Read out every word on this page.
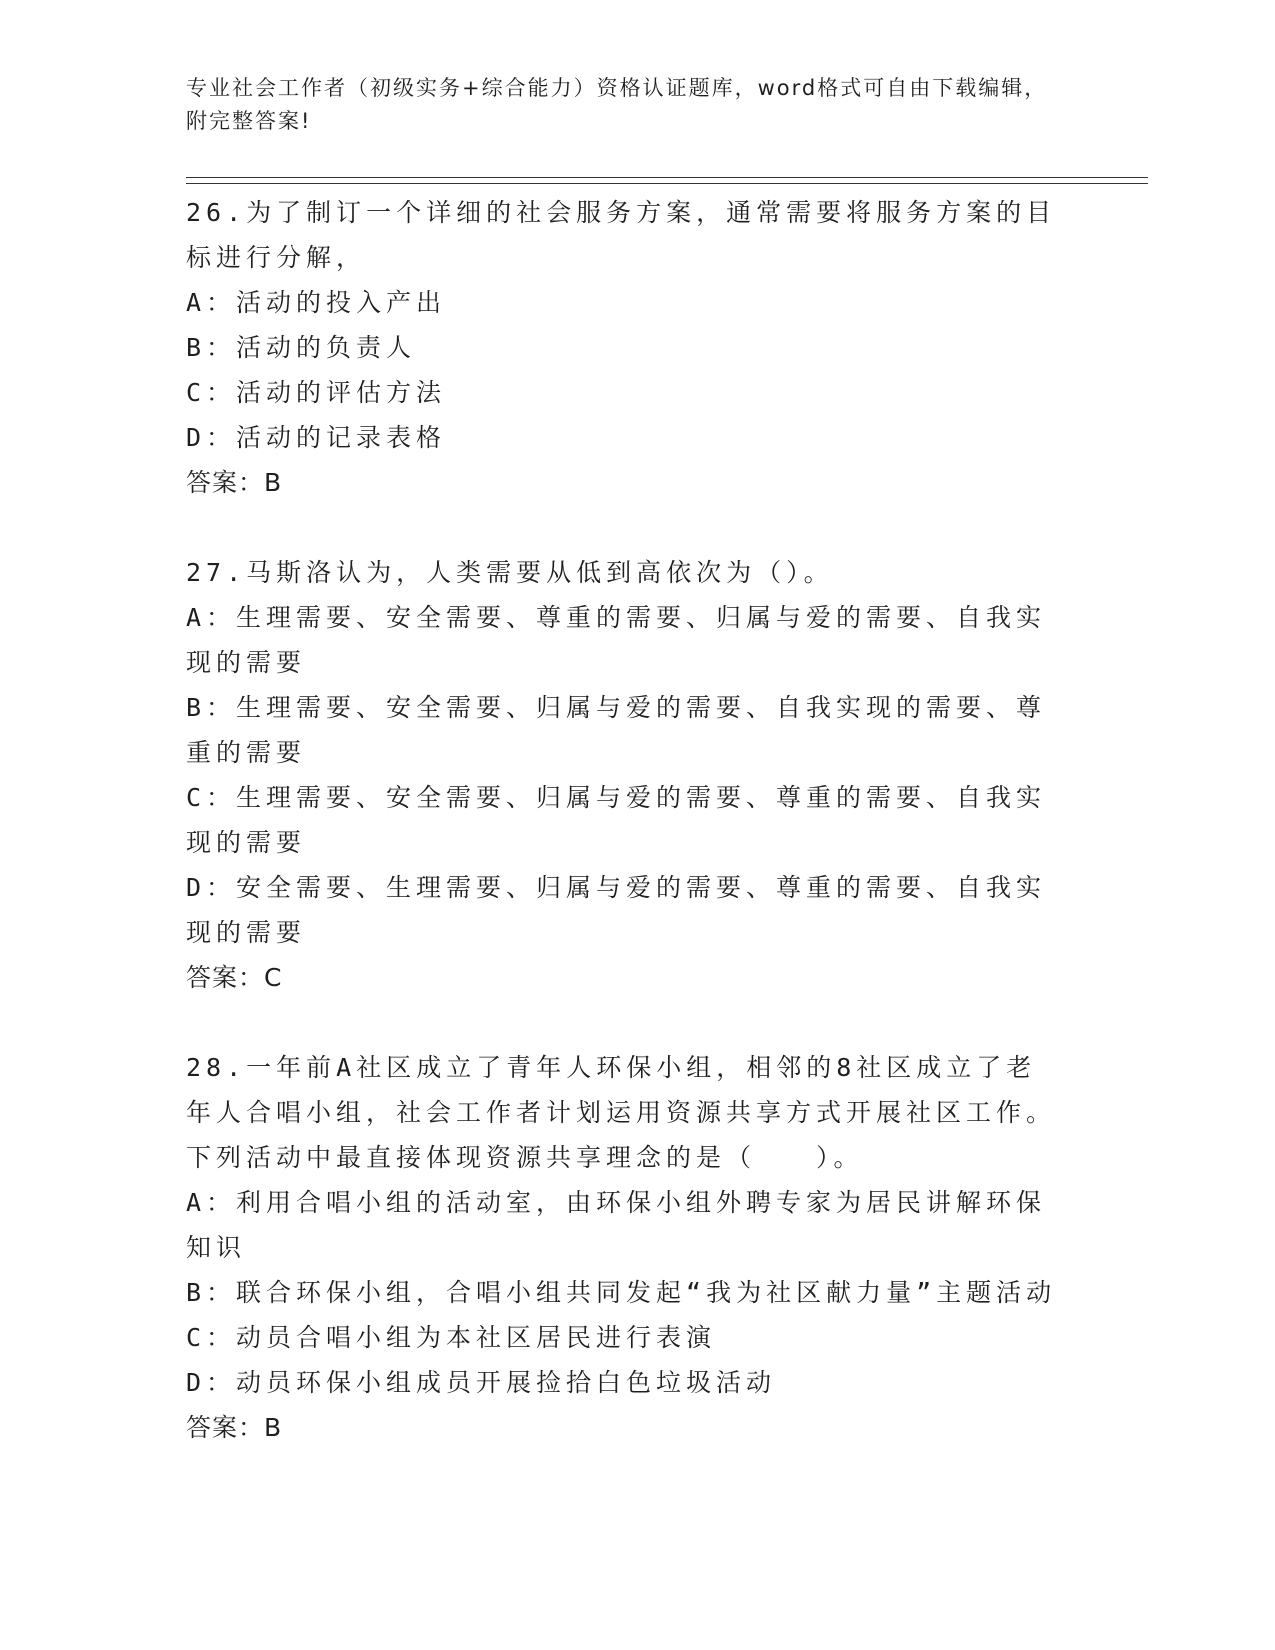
专业社会工作者（初级实务+综合能力）资格认证题库，word格式可自由下载编辑，附完整答案!

26.为了制订一个详细的社会服务方案，通常需要将服务方案的目标进行分解，

A：活动的投入产出

B：活动的负责人

C：活动的评估方法

D：活动的记录表格

答案：B

27.马斯洛认为，人类需要从低到高依次为（）。

A：生理需要、安全需要、尊重的需要、归属与爱的需要、自我实现的需要

B：生理需要、安全需要、归属与爱的需要、自我实现的需要、尊重的需要

C：生理需要、安全需要、归属与爱的需要、尊重的需要、自我实现的需要

D：安全需要、生理需要、归属与爱的需要、尊重的需要、自我实现的需要

答案：C

28.一年前A社区成立了青年人环保小组，相邻的8社区成立了老年人合唱小组，社会工作者计划运用资源共享方式开展社区工作。下列活动中最直接体现资源共享理念的是（　　）。

A：利用合唱小组的活动室，由环保小组外聘专家为居民讲解环保知识

B：联合环保小组，合唱小组共同发起“我为社区献力量”主题活动

C：动员合唱小组为本社区居民进行表演

D：动员环保小组成员开展捡拾白色垃圾活动

答案：B
